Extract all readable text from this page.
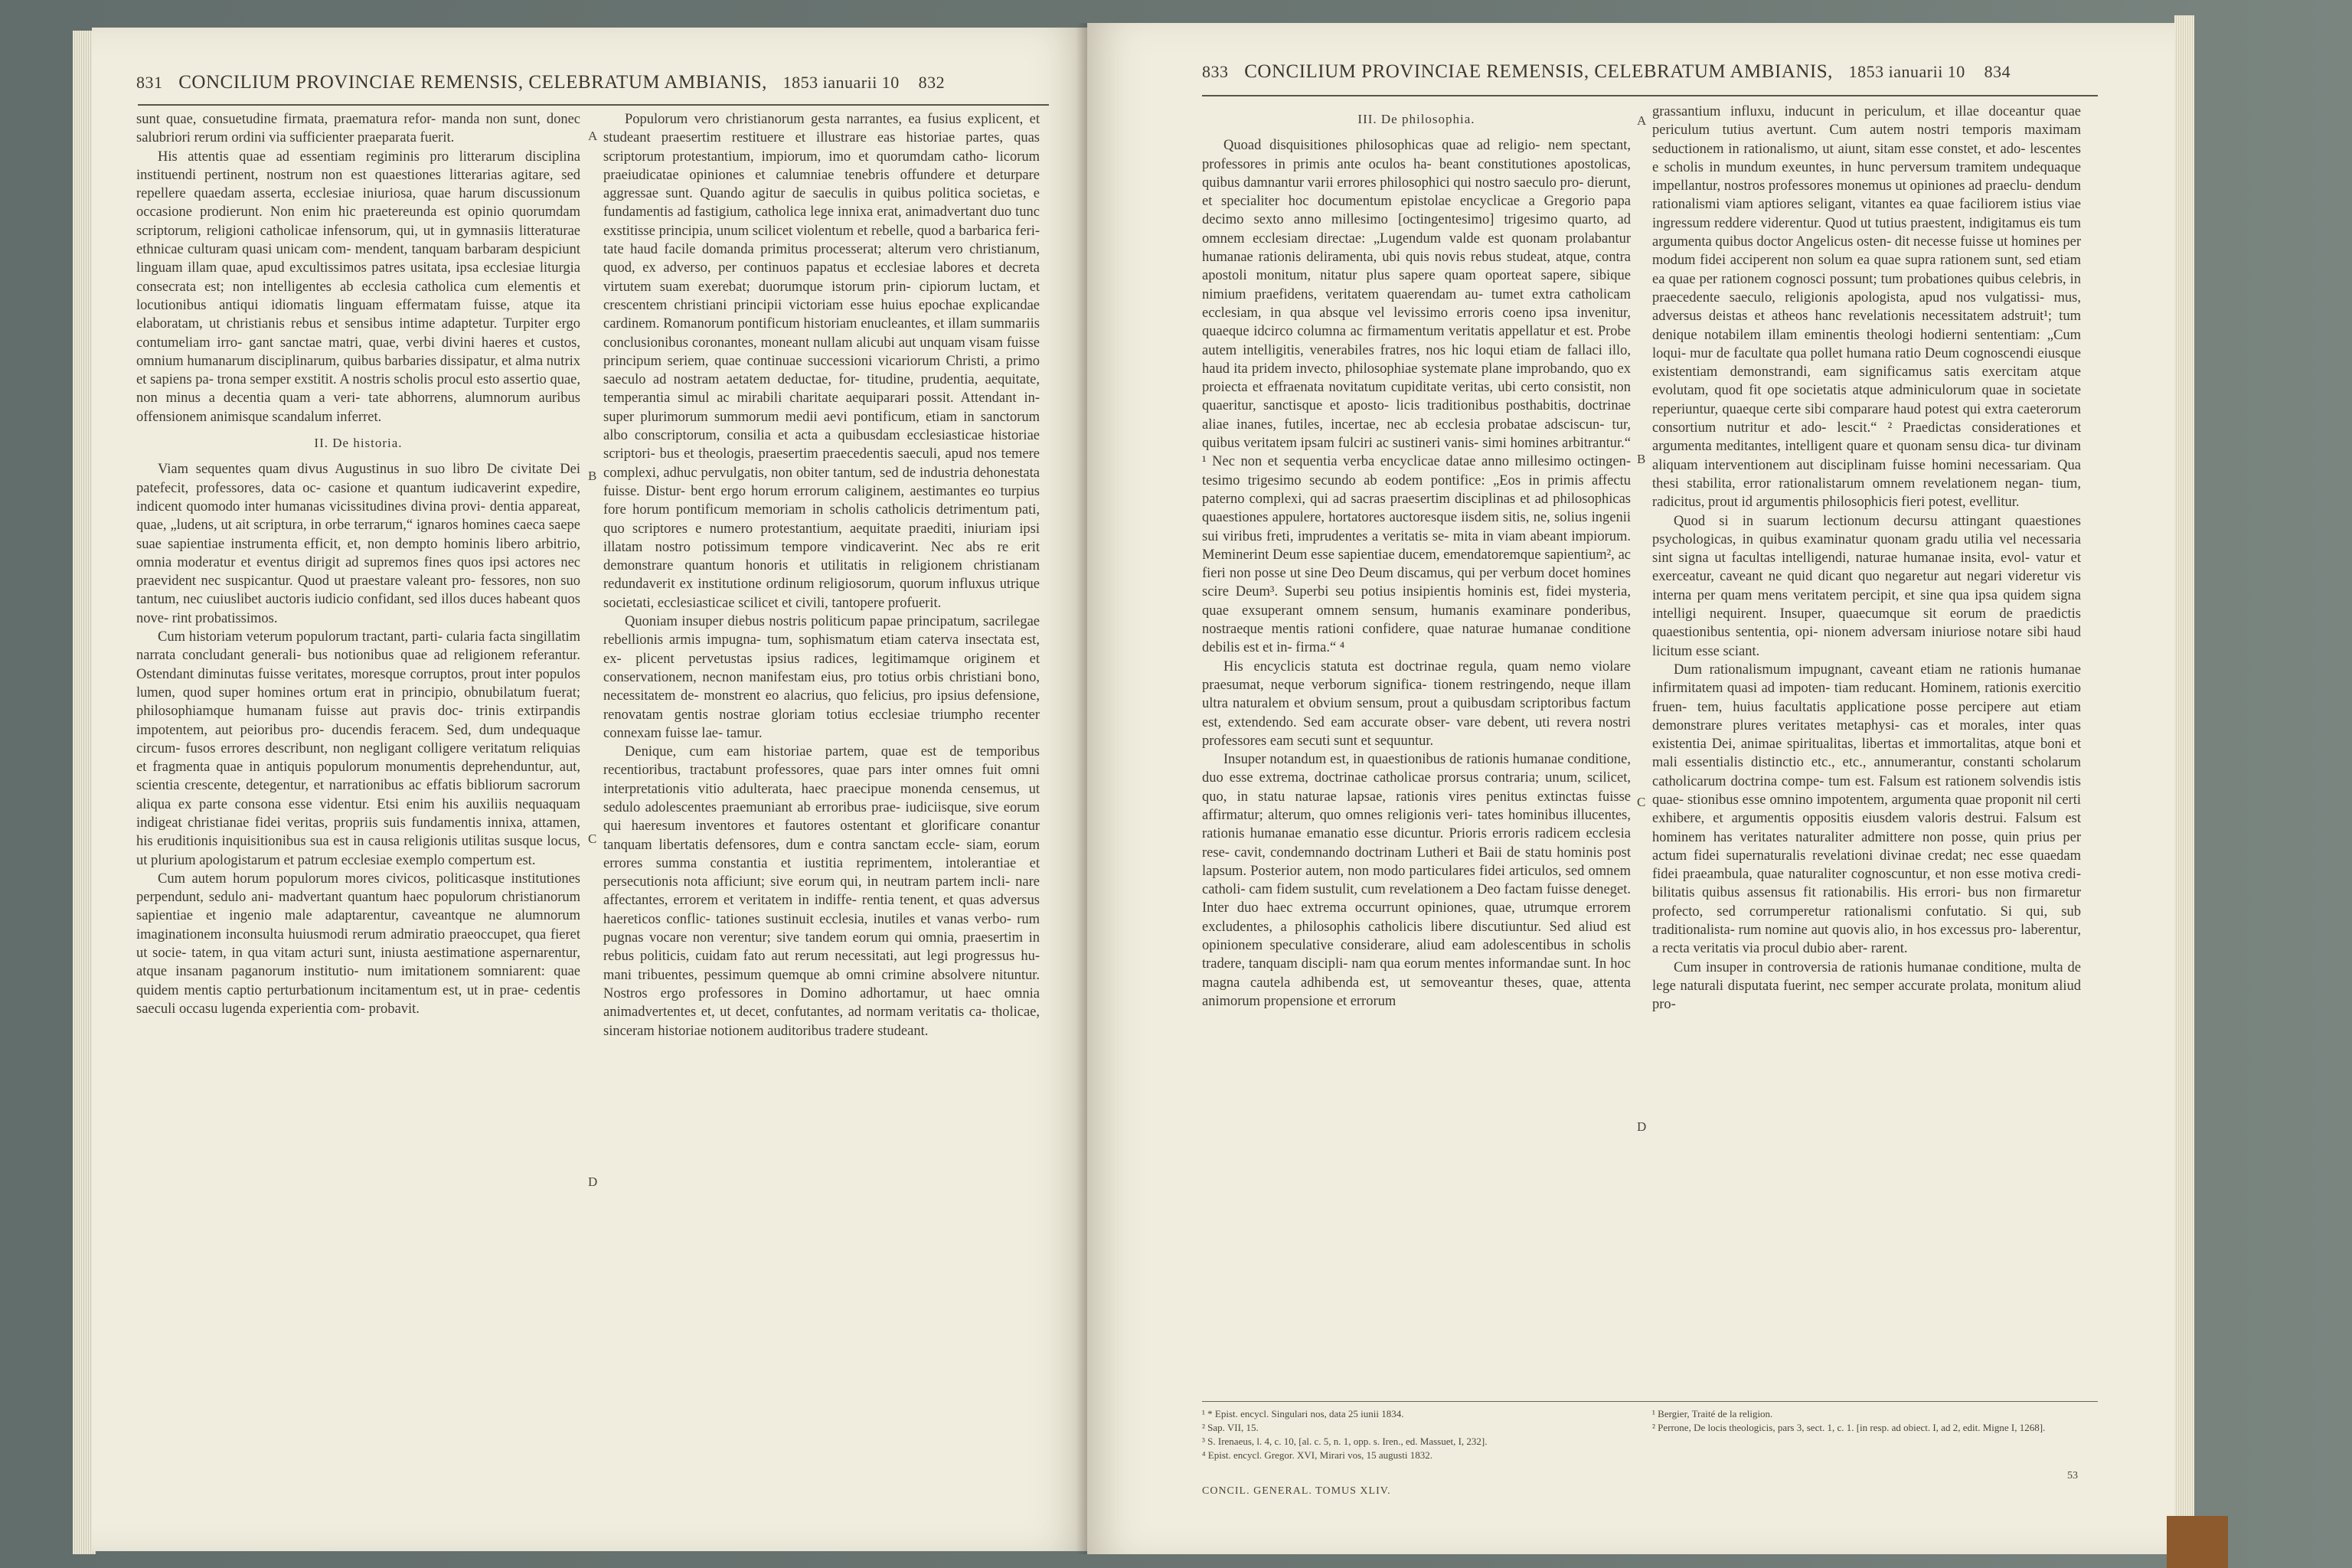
831 CONCILIUM PROVINCIAE REMENSIS, CELEBRATUM AMBIANIS, 1853 ianuarii 10 832

sunt quae, consuetudine firmata, praematura refor- manda non sunt, donec salubriori rerum ordini via sufficienter praeparata fuerit.

His attentis quae ad essentiam regiminis pro litterarum disciplina instituendi pertinent, nostrum non est quaestiones litterarias agitare, sed repellere quaedam asserta, ecclesiae iniuriosa, quae harum discussionum occasione prodierunt. Non enim hic praetereunda est opinio quorumdam scriptorum, religioni catholicae infensorum, qui, ut in gymnasiis litteraturae ethnicae culturam quasi unicam com- mendent, tanquam barbaram despiciunt linguam illam quae, apud excultissimos patres usitata, ipsa ecclesiae liturgia consecrata est; non intelligentes ab ecclesia catholica cum elementis et locutionibus antiqui idiomatis linguam effermatam fuisse, atque ita elaboratam, ut christianis rebus et sensibus intime adaptetur. Turpiter ergo contumeliam irro- gant sanctae matri, quae, verbi divini haeres et custos, omnium humanarum disciplinarum, quibus barbaries dissipatur, et alma nutrix et sapiens pa- trona semper exstitit. A nostris scholis procul esto assertio quae, non minus a decentia quam a veri- tate abhorrens, alumnorum auribus offensionem animisque scandalum inferret.

II. De historia.

Viam sequentes quam divus Augustinus in suo libro De civitate Dei patefecit, professores, data oc- casione et quantum iudicaverint expedire, indicent quomodo inter humanas vicissitudines divina provi- dentia appareat, quae, „ludens, ut ait scriptura, in orbe terrarum,“ ignaros homines caeca saepe suae sapientiae instrumenta efficit, et, non dempto hominis libero arbitrio, omnia moderatur et eventus dirigit ad supremos fines quos ipsi actores nec praevident nec suspicantur. Quod ut praestare valeant pro- fessores, non suo tantum, nec cuiuslibet auctoris iudicio confidant, sed illos duces habeant quos nove- rint probatissimos.

Cum historiam veterum populorum tractant, parti- cularia facta singillatim narrata concludant generali- bus notionibus quae ad religionem referantur. Ostendant diminutas fuisse veritates, moresque corruptos, prout inter populos lumen, quod super homines ortum erat in principio, obnubilatum fuerat; philosophiamque humanam fuisse aut pravis doc- trinis extirpandis impotentem, aut peioribus pro- ducendis feracem. Sed, dum undequaque circum- fusos errores describunt, non negligant colligere veritatum reliquias et fragmenta quae in antiquis populorum monumentis deprehenduntur, aut, scientia crescente, detegentur, et narrationibus ac effatis bibliorum sacrorum aliqua ex parte consona esse videntur. Etsi enim his auxiliis nequaquam indigeat christianae fidei veritas, propriis suis fundamentis innixa, attamen, his eruditionis inquisitionibus sua est in causa religionis utilitas susque locus, ut plurium apologistarum et patrum ecclesiae exemplo compertum est.

Cum autem horum populorum mores civicos, politicasque institutiones perpendunt, sedulo ani- madvertant quantum haec populorum christianorum sapientiae et ingenio male adaptarentur, caveantque ne alumnorum imaginationem inconsulta huiusmodi rerum admiratio praeoccupet, qua fieret ut socie- tatem, in qua vitam acturi sunt, iniusta aestimatione aspernarentur, atque insanam paganorum institutio- num imitationem somniarent: quae quidem mentis captio perturbationum incitamentum est, ut in prae- cedentis saeculi occasu lugenda experientia com- probavit.

A
B
C
D

Populorum vero christianorum gesta narrantes, ea fusius explicent, et studeant praesertim restituere et illustrare eas historiae partes, quas scriptorum protestantium, impiorum, imo et quorumdam catho- licorum praeiudicatae opiniones et calumniae tenebris offundere et deturpare aggressae sunt. Quando agitur de saeculis in quibus politica societas, e fundamentis ad fastigium, catholica lege innixa erat, animadvertant duo tunc exstitisse principia, unum scilicet violentum et rebelle, quod a barbarica feri- tate haud facile domanda primitus processerat; alterum vero christianum, quod, ex adverso, per continuos papatus et ecclesiae labores et decreta virtutem suam exerebat; duorumque istorum prin- cipiorum luctam, et crescentem christiani principii victoriam esse huius epochae explicandae cardinem. Romanorum pontificum historiam enucleantes, et illam summariis conclusionibus coronantes, moneant nullam alicubi aut unquam visam fuisse principum seriem, quae continuae successioni vicariorum Christi, a primo saeculo ad nostram aetatem deductae, for- titudine, prudentia, aequitate, temperantia simul ac mirabili charitate aequiparari possit. Attendant in- super plurimorum summorum medii aevi pontificum, etiam in sanctorum albo conscriptorum, consilia et acta a quibusdam ecclesiasticae historiae scriptori- bus et theologis, praesertim praecedentis saeculi, apud nos temere complexi, adhuc pervulgatis, non obiter tantum, sed de industria dehonestata fuisse. Distur- bent ergo horum errorum caliginem, aestimantes eo turpius fore horum pontificum memoriam in scholis catholicis detrimentum pati, quo scriptores e numero protestantium, aequitate praediti, iniuriam ipsi illatam nostro potissimum tempore vindicaverint. Nec abs re erit demonstrare quantum honoris et utilitatis in religionem christianam redundaverit ex institutione ordinum religiosorum, quorum influxus utrique societati, ecclesiasticae scilicet et civili, tantopere profuerit.

Quoniam insuper diebus nostris politicum papae principatum, sacrilegae rebellionis armis impugna- tum, sophismatum etiam caterva insectata est, ex- plicent pervetustas ipsius radices, legitimamque originem et conservationem, necnon manifestam eius, pro totius orbis christiani bono, necessitatem de- monstrent eo alacrius, quo felicius, pro ipsius defensione, renovatam gentis nostrae gloriam totius ecclesiae triumpho recenter connexam fuisse lae- tamur.

Denique, cum eam historiae partem, quae est de temporibus recentioribus, tractabunt professores, quae pars inter omnes fuit omni interpretationis vitio adulterata, haec praecipue monenda censemus, ut sedulo adolescentes praemuniant ab erroribus prae- iudiciisque, sive eorum qui haeresum inventores et fautores ostentant et glorificare conantur tanquam libertatis defensores, dum e contra sanctam eccle- siam, eorum errores summa constantia et iustitia reprimentem, intolerantiae et persecutionis nota afficiunt; sive eorum qui, in neutram partem incli- nare affectantes, errorem et veritatem in indiffe- rentia tenent, et quas adversus haereticos conflic- tationes sustinuit ecclesia, inutiles et vanas verbo- rum pugnas vocare non verentur; sive tandem eorum qui omnia, praesertim in rebus politicis, cuidam fato aut rerum necessitati, aut legi progressus hu- mani tribuentes, pessimum quemque ab omni crimine absolvere nituntur. Nostros ergo professores in Domino adhortamur, ut haec omnia animadvertentes et, ut decet, confutantes, ad normam veritatis ca- tholicae, sinceram historiae notionem auditoribus tradere studeant.

833 CONCILIUM PROVINCIAE REMENSIS, CELEBRATUM AMBIANIS, 1853 ianuarii 10 834
III. De philosophia.

Quoad disquisitiones philosophicas quae ad religio- nem spectant, professores in primis ante oculos ha- beant constitutiones apostolicas, quibus damnantur varii errores philosophici qui nostro saeculo pro- dierunt, et specialiter hoc documentum epistolae encyclicae a Gregorio papa decimo sexto anno millesimo [octingentesimo] trigesimo quarto, ad omnem ecclesiam directae: „Lugendum valde est quonam prolabantur humanae rationis deliramenta, ubi quis novis rebus studeat, atque, contra apostoli monitum, nitatur plus sapere quam oporteat sapere, sibique nimium praefidens, veritatem quaerendam au- tumet extra catholicam ecclesiam, in qua absque vel levissimo erroris coeno ipsa invenitur, quaeque idcirco columna ac firmamentum veritatis appellatur et est. Probe autem intelligitis, venerabiles fratres, nos hic loqui etiam de fallaci illo, haud ita pridem invecto, philosophiae systemate plane improbando, quo ex proiecta et effraenata novitatum cupiditate veritas, ubi certo consistit, non quaeritur, sanctisque et aposto- licis traditionibus posthabitis, doctrinae aliae inanes, futiles, incertae, nec ab ecclesia probatae adsciscun- tur, quibus veritatem ipsam fulciri ac sustineri vanis- simi homines arbitrantur.“ ¹ Nec non et sequentia verba encyclicae datae anno millesimo octingen- tesimo trigesimo secundo ab eodem pontifice: „Eos in primis affectu paterno complexi, qui ad sacras praesertim disciplinas et ad philosophicas quaestiones appulere, hortatores auctoresque iisdem sitis, ne, solius ingenii sui viribus freti, imprudentes a veritatis se- mita in viam abeant impiorum. Meminerint Deum esse sapientiae ducem, emendatoremque sapientium², ac fieri non posse ut sine Deo Deum discamus, qui per verbum docet homines scire Deum³. Superbi seu potius insipientis hominis est, fidei mysteria, quae exsuperant omnem sensum, humanis examinare ponderibus, nostraeque mentis rationi confidere, quae naturae humanae conditione debilis est et in- firma.“ ⁴

His encyclicis statuta est doctrinae regula, quam nemo violare praesumat, neque verborum significa- tionem restringendo, neque illam ultra naturalem et obvium sensum, prout a quibusdam scriptoribus factum est, extendendo. Sed eam accurate obser- vare debent, uti revera nostri professores eam secuti sunt et sequuntur.

Insuper notandum est, in quaestionibus de rationis humanae conditione, duo esse extrema, doctrinae catholicae prorsus contraria; unum, scilicet, quo, in statu naturae lapsae, rationis vires penitus extinctas fuisse affirmatur; alterum, quo omnes religionis veri- tates hominibus illucentes, rationis humanae emanatio esse dicuntur. Prioris erroris radicem ecclesia rese- cavit, condemnando doctrinam Lutheri et Baii de statu hominis post lapsum. Posterior autem, non modo particulares fidei articulos, sed omnem catholi- cam fidem sustulit, cum revelationem a Deo factam fuisse deneget. Inter duo haec extrema occurrunt opiniones, quae, utrumque errorem excludentes, a philosophis catholicis libere discutiuntur. Sed aliud est opinionem speculative considerare, aliud eam adolescentibus in scholis tradere, tanquam discipli- nam qua eorum mentes informandae sunt. In hoc magna cautela adhibenda est, ut semoveantur theses, quae, attenta animorum propensione et errorum

A
B
C
D

grassantium influxu, inducunt in periculum, et illae doceantur quae periculum tutius avertunt. Cum autem nostri temporis maximam seductionem in rationalismo, ut aiunt, sitam esse constet, et ado- lescentes e scholis in mundum exeuntes, in hunc perversum tramitem undequaque impellantur, nostros professores monemus ut opiniones ad praeclu- dendum rationalismi viam aptiores seligant, vitantes ea quae faciliorem istius viae ingressum reddere viderentur. Quod ut tutius praestent, indigitamus eis tum argumenta quibus doctor Angelicus osten- dit necesse fuisse ut homines per modum fidei acciperent non solum ea quae supra rationem sunt, sed etiam ea quae per rationem cognosci possunt; tum probationes quibus celebris, in praecedente saeculo, religionis apologista, apud nos vulgatissi- mus, adversus deistas et atheos hanc revelationis necessitatem adstruit¹; tum denique notabilem illam eminentis theologi hodierni sententiam: „Cum loqui- mur de facultate qua pollet humana ratio Deum cognoscendi eiusque existentiam demonstrandi, eam significamus satis exercitam atque evolutam, quod fit ope societatis atque adminiculorum quae in societate reperiuntur, quaeque certe sibi comparare haud potest qui extra caeterorum consortium nutritur et ado- lescit.“ ² Praedictas considerationes et argumenta meditantes, intelligent quare et quonam sensu dica- tur divinam aliquam interventionem aut disciplinam fuisse homini necessariam. Qua thesi stabilita, error rationalistarum omnem revelationem negan- tium, radicitus, prout id argumentis philosophicis fieri potest, evellitur.

Quod si in suarum lectionum decursu attingant quaestiones psychologicas, in quibus examinatur quonam gradu utilia vel necessaria sint signa ut facultas intelligendi, naturae humanae insita, evol- vatur et exerceatur, caveant ne quid dicant quo negaretur aut negari videretur vis interna per quam mens veritatem percipit, et sine qua ipsa quidem signa intelligi nequirent. Insuper, quaecumque sit eorum de praedictis quaestionibus sententia, opi- nionem adversam iniuriose notare sibi haud licitum esse sciant.

Dum rationalismum impugnant, caveant etiam ne rationis humanae infirmitatem quasi ad impoten- tiam reducant. Hominem, rationis exercitio fruen- tem, huius facultatis applicatione posse percipere aut etiam demonstrare plures veritates metaphysi- cas et morales, inter quas existentia Dei, animae spiritualitas, libertas et immortalitas, atque boni et mali essentialis distinctio etc., etc., annumerantur, constanti scholarum catholicarum doctrina compe- tum est. Falsum est rationem solvendis istis quae- stionibus esse omnino impotentem, argumenta quae proponit nil certi exhibere, et argumentis oppositis eiusdem valoris destrui. Falsum est hominem has veritates naturaliter admittere non posse, quin prius per actum fidei supernaturalis revelationi divinae credat; nec esse quaedam fidei praeambula, quae naturaliter cognoscuntur, et non esse motiva credi- bilitatis quibus assensus fit rationabilis. His errori- bus non firmaretur profecto, sed corrumperetur rationalismi confutatio. Si qui, sub traditionalista- rum nomine aut quovis alio, in hos excessus pro- laberentur, a recta veritatis via procul dubio aber- rarent.

Cum insuper in controversia de rationis humanae conditione, multa de lege naturali disputata fuerint, nec semper accurate prolata, monitum aliud pro-

¹ * Epist. encycl. Singulari nos, data 25 iunii 1834.
² Sap. VII, 15.
³ S. Irenaeus, l. 4, c. 10, [al. c. 5, n. 1, opp. s. Iren., ed. Massuet, I, 232].
⁴ Epist. encycl. Gregor. XVI, Mirari vos, 15 augusti 1832.
¹ Bergier, Traité de la religion.
² Perrone, De locis theologicis, pars 3, sect. 1, c. 1. [in resp. ad obiect. I, ad 2, edit. Migne I, 1268].
CONCIL. GENERAL. TOMUS XLIV.
53
